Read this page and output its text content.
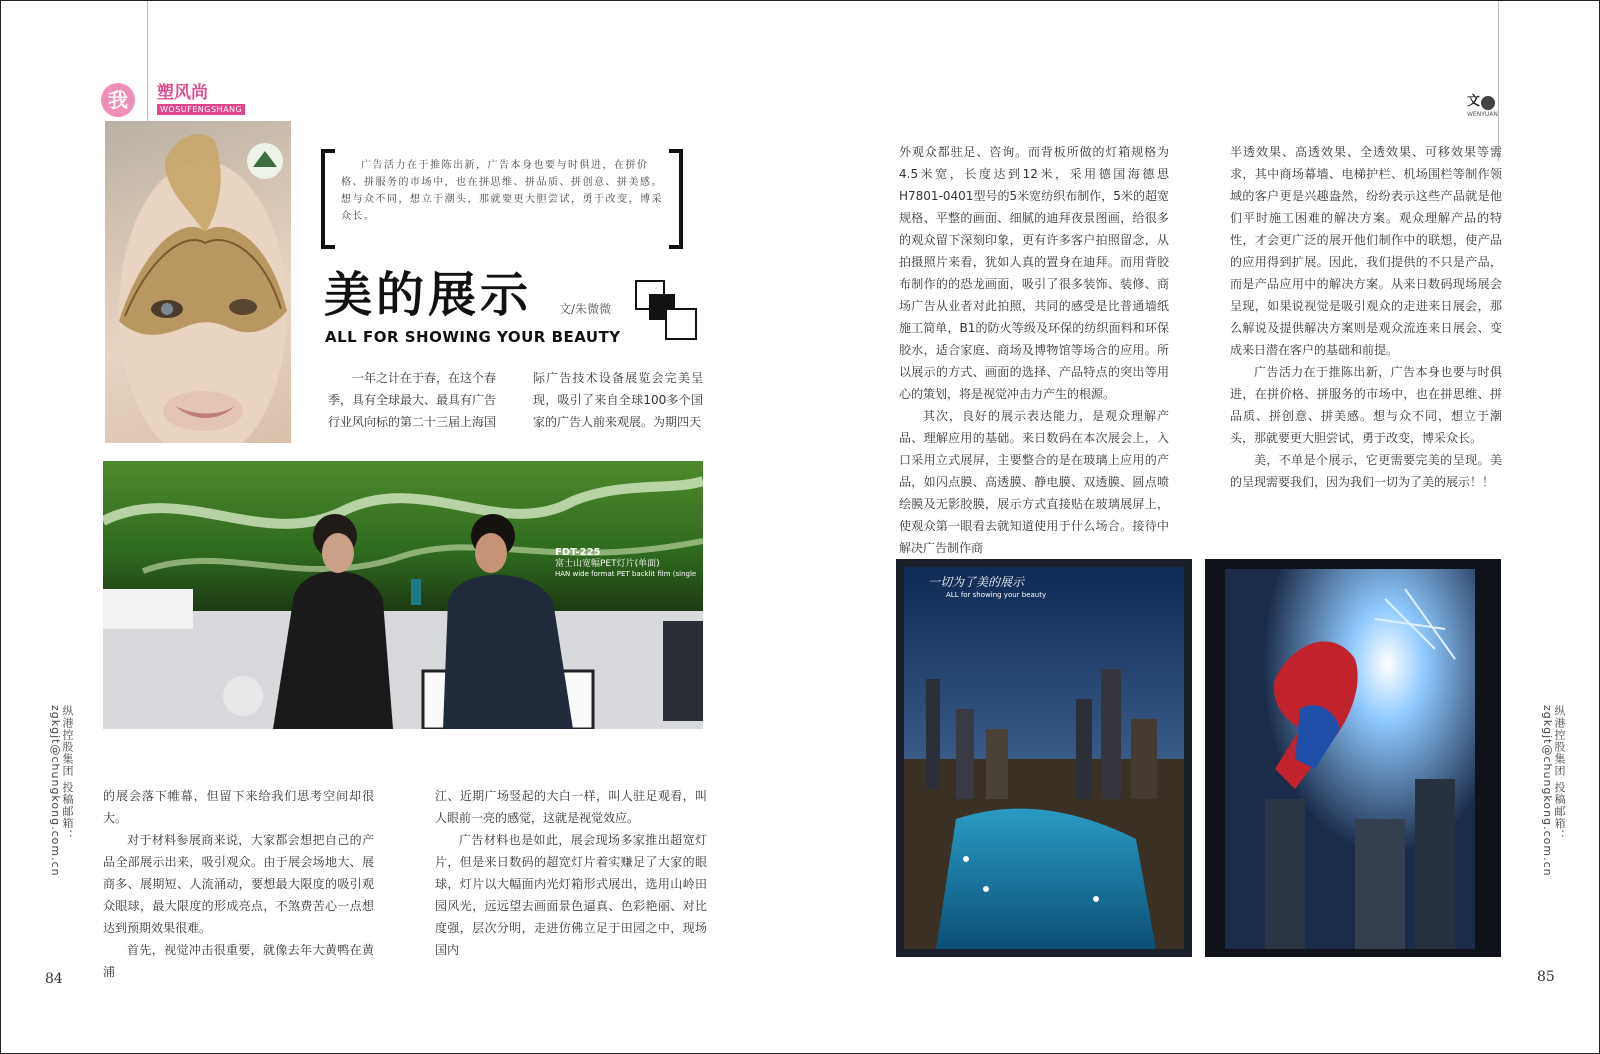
我	塑风尚
WOSUFENGSHANG
文
WENYUAN
广告活力在于推陈出新，广告本身也要与时俱进，在拼价格、拼服务的市场中，也在拼思维、拼品质、拼创意、拼美感。想与众不同，想立于潮头，那就要更大胆尝试，勇于改变，博采众长。
美的展示 文/朱微微
ALL FOR SHOWING YOUR BEAUTY

一年之计在于春，在这个春季，具有全球最大、最具有广告行业风向标的第二十三届上海国

际广告技术设备展览会完美呈现，吸引了来自全球100多个国家的广告人前来观展。为期四天

FDT-225
富士山宽幅PET灯片(单面)
HAN wide format PET backlit film (single

的展会落下帷幕，但留下来给我们思考空间却很大。

对于材料参展商来说，大家都会想把自己的产品全部展示出来，吸引观众。由于展会场地大、展商多、展期短、人流涌动，要想最大限度的吸引观众眼球，最大限度的形成亮点，不煞费苦心一点想达到预期效果很难。

首先，视觉冲击很重要，就像去年大黄鸭在黄浦

江、近期广场竖起的大白一样，叫人驻足观看，叫人眼前一亮的感觉，这就是视觉效应。

广告材料也是如此，展会现场多家推出超宽灯片，但是来日数码的超宽灯片着实赚足了大家的眼球，灯片以大幅面内光灯箱形式展出，选用山岭田园风光，远远望去画面景色逼真、色彩艳丽、对比度强，层次分明，走进仿佛立足于田园之中，现场国内

外观众都驻足、咨询。而背板所做的灯箱规格为4.5米宽，长度达到12米，采用德国海德思H7801-0401型号的5米宽纺织布制作，5米的超宽规格、平整的画面、细腻的迪拜夜景图画，给很多的观众留下深刻印象，更有许多客户拍照留念，从拍摄照片来看，犹如人真的置身在迪拜。而用背胶布制作的的恐龙画面，吸引了很多装饰、装修、商场广告从业者对此拍照，共同的感受是比普通墙纸施工简单，B1的防火等级及环保的纺织面料和环保胶水，适合家庭、商场及博物馆等场合的应用。所以展示的方式、画面的选择、产品特点的突出等用心的策划，将是视觉冲击力产生的根源。

其次，良好的展示表达能力，是观众理解产品、理解应用的基础。来日数码在本次展会上，入口采用立式展屏，主要整合的是在玻璃上应用的产品，如闪点膜、高透膜、静电膜、双透膜、圆点喷绘膜及无影胶膜，展示方式直接贴在玻璃展屏上，使观众第一眼看去就知道使用于什么场合。接待中解决广告制作商

半透效果、高透效果、全透效果、可移效果等需求，其中商场幕墙、电梯护栏、机场围栏等制作领域的客户更是兴趣盎然，纷纷表示这些产品就是他们平时施工困难的解决方案。观众理解产品的特性，才会更广泛的展开他们制作中的联想，使产品的应用得到扩展。因此，我们提供的不只是产品，而是产品应用中的解决方案。从来日数码现场展会呈现，如果说视觉是吸引观众的走进来日展会，那么解说及提供解决方案则是观众流连来日展会、变成来日潜在客户的基础和前提。

广告活力在于推陈出新，广告本身也要与时俱进，在拼价格、拼服务的市场中，也在拼思维、拼品质、拼创意、拼美感。想与众不同，想立于潮头，那就要更大胆尝试，勇于改变，博采众长。

美，不单是个展示，它更需要完美的呈现。美的呈现需要我们，因为我们一切为了美的展示！！

一切为了美的展示
ALL for showing your beauty
纵港控股集团 投稿邮箱：zgkgjt@chungkong.com.cn	纵港控股集团 投稿邮箱：zgkgjt@chungkong.com.cn
84	85
